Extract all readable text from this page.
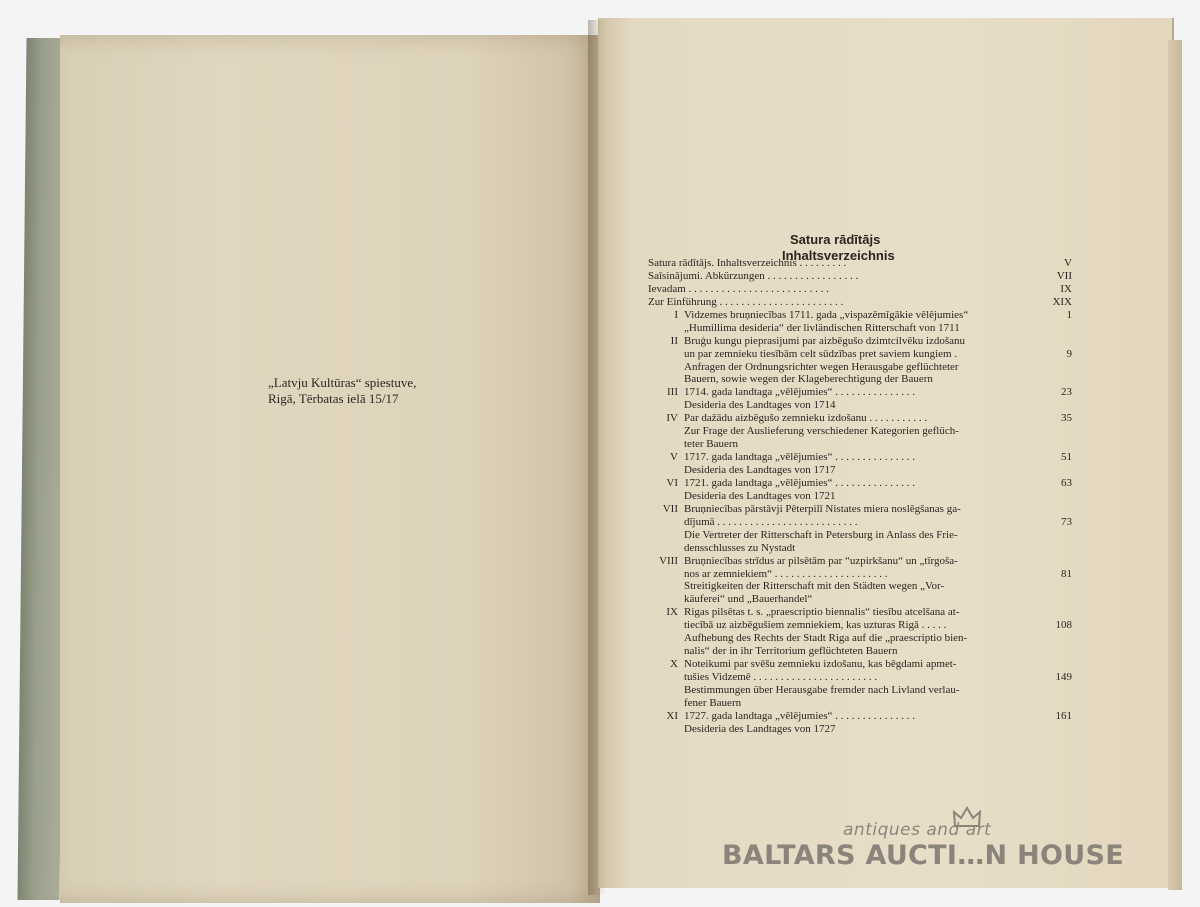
„Latvju Kultūras“ spiestuve,
Rigā, Tērbatas ielā 15/17
Satura rādītājs
Inhaltsverzeichnis
Satura rādītājs. Inhaltsverzeichnis . . . . . . . . .	V
Saīsinājumi. Abkürzungen . . . . . . . . . . . . . . . . .	VII
Ievadam . . . . . . . . . . . . . . . . . . . . . . . . . .	IX
Zur Einführung . . . . . . . . . . . . . . . . . . . . . . .	XIX
I Vidzemes bruņniecības 1711. gada „vispazēmīgākie vēlējumies“	1
„Humillima desideria“ der livländischen Ritterschaft von 1711
II Bruģu kungu pieprasijumi par aizbēgušo dzimtcilvēku izdošanu
un par zemnieku tiesībām celt sūdzības pret saviem kungiem .	9
Anfragen der Ordnungsrichter wegen Herausgabe geflüchteter
Bauern, sowie wegen der Klageberechtigung der Bauern
III 1714. gada landtaga „vēlējumies“ . . . . . . . . . . . . . . .	23
Desideria des Landtages von 1714
IV Par dažādu aizbēgušo zemnieku izdošanu . . . . . . . . . . .	35
Zur Frage der Auslieferung verschiedener Kategorien geflüch-
teter Bauern
V 1717. gada landtaga „vēlējumies“ . . . . . . . . . . . . . . .	51
Desideria des Landtages von 1717
VI 1721. gada landtaga „vēlējumies“ . . . . . . . . . . . . . . .	63
Desideria des Landtages von 1721
VII Bruņniecības pārstāvji Pēterpilī Nistates miera noslēgšanas ga-
dījumā . . . . . . . . . . . . . . . . . . . . . . . . . .	73
Die Vertreter der Ritterschaft in Petersburg in Anlass des Frie-
densschlusses zu Nystadt
VIII Bruņniecības strīdus ar pilsētām par “uzpirkšanu“ un „tīrgoša-
nos ar zemniekiem“ . . . . . . . . . . . . . . . . . . . . .	81
Streitigkeiten der Ritterschaft mit den Städten wegen „Vor-
käuferei“ und „Bauerhandel“
IX Rigas pilsētas t. s. „praescriptio biennalis“ tiesību atcelšana at-
tiecībā uz aizbēgušiem zemniekiem, kas uzturas Rigā . . . . .	108
Aufhebung des Rechts der Stadt Riga auf die „praescriptio bien-
nalis“ der in ihr Territorium geflüchteten Bauern
X Noteikumi par svēšu zemnieku izdošanu, kas bēgdami apmet-
tušies Vidzemē . . . . . . . . . . . . . . . . . . . . . . .	149
Bestimmungen über Herausgabe fremder nach Livland verlau-
fener Bauern
XI 1727. gada landtaga „vēlējumies“ . . . . . . . . . . . . . . .	161
Desideria des Landtages von 1727
antiques and art
BALTARS AUCTI…N HOUSE
